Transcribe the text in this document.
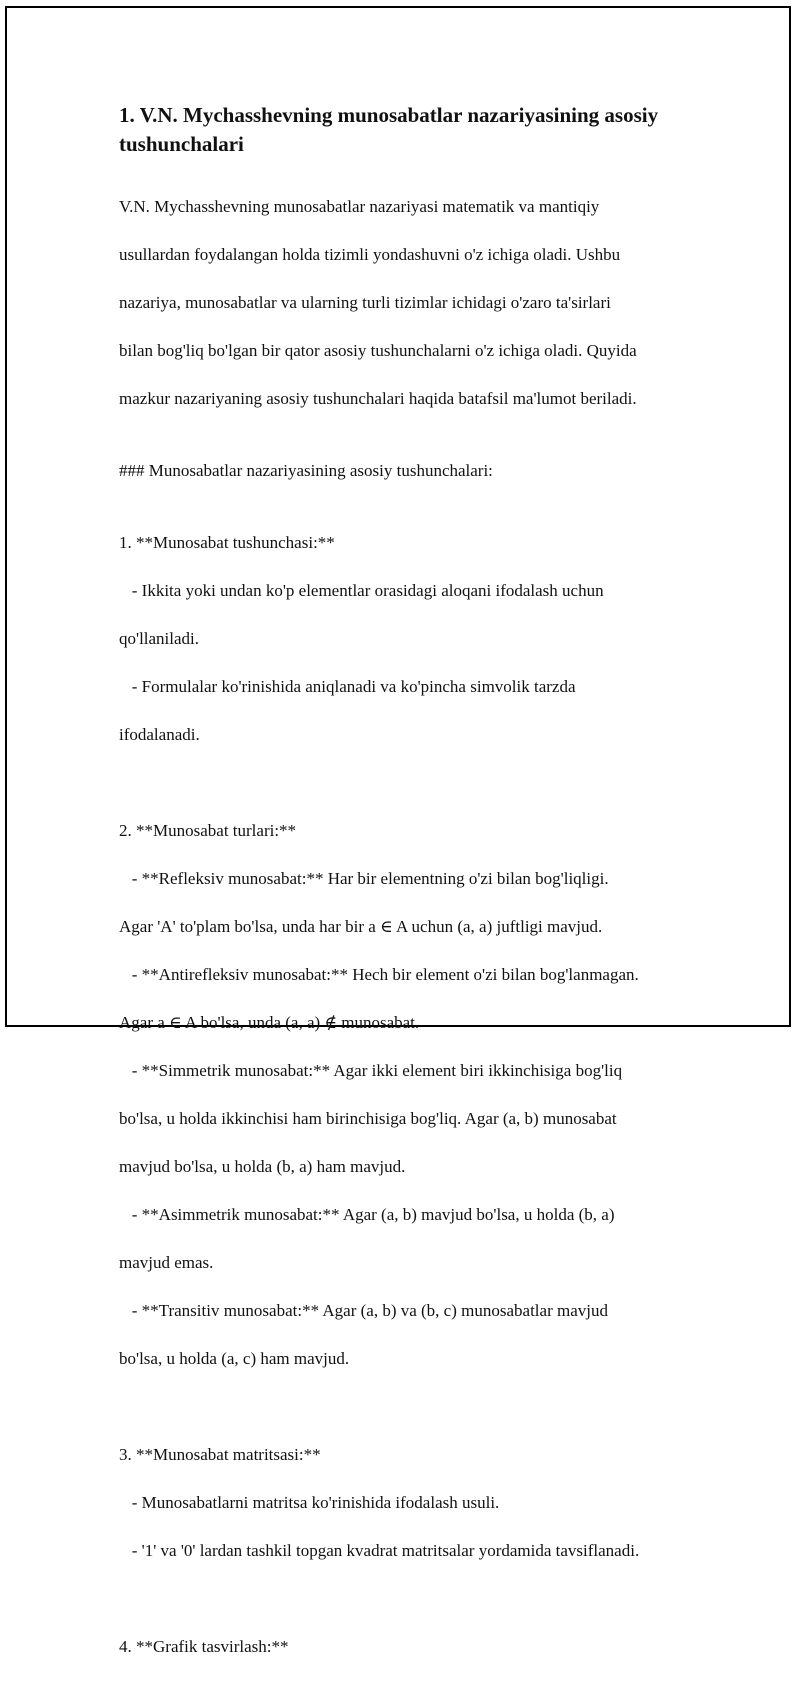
1. V.N. Mychasshevning munosabatlar nazariyasining asosiy tushunchalari

V.N. Mychasshevning munosabatlar nazariyasi matematik va mantiqiy

usullardan foydalangan holda tizimli yondashuvni o'z ichiga oladi. Ushbu

nazariya, munosabatlar va ularning turli tizimlar ichidagi o'zaro ta'sirlari

bilan bog'liq bo'lgan bir qator asosiy tushunchalarni o'z ichiga oladi. Quyida

mazkur nazariyaning asosiy tushunchalari haqida batafsil ma'lumot beriladi.

### Munosabatlar nazariyasining asosiy tushunchalari:

1. **Munosabat tushunchasi:**

- Ikkita yoki undan ko'p elementlar orasidagi aloqani ifodalash uchun

qo'llaniladi.

- Formulalar ko'rinishida aniqlanadi va ko'pincha simvolik tarzda

ifodalanadi.

2. **Munosabat turlari:**

- **Refleksiv munosabat:** Har bir elementning o'zi bilan bog'liqligi.

Agar 'A' to'plam bo'lsa, unda har bir a ∈ A uchun (a, a) juftligi mavjud.

- **Antirefleksiv munosabat:** Hech bir element o'zi bilan bog'lanmagan.

Agar a ∈ A bo'lsa, unda (a, a) ∉ munosabat.

- **Simmetrik munosabat:** Agar ikki element biri ikkinchisiga bog'liq

bo'lsa, u holda ikkinchisi ham birinchisiga bog'liq. Agar (a, b) munosabat

mavjud bo'lsa, u holda (b, a) ham mavjud.

- **Asimmetrik munosabat:** Agar (a, b) mavjud bo'lsa, u holda (b, a)

mavjud emas.

- **Transitiv munosabat:** Agar (a, b) va (b, c) munosabatlar mavjud

bo'lsa, u holda (a, c) ham mavjud.

3. **Munosabat matritsasi:**

- Munosabatlarni matritsa ko'rinishida ifodalash usuli.

- '1' va '0' lardan tashkil topgan kvadrat matritsalar yordamida tavsiflanadi.

4. **Grafik tasvirlash:**
